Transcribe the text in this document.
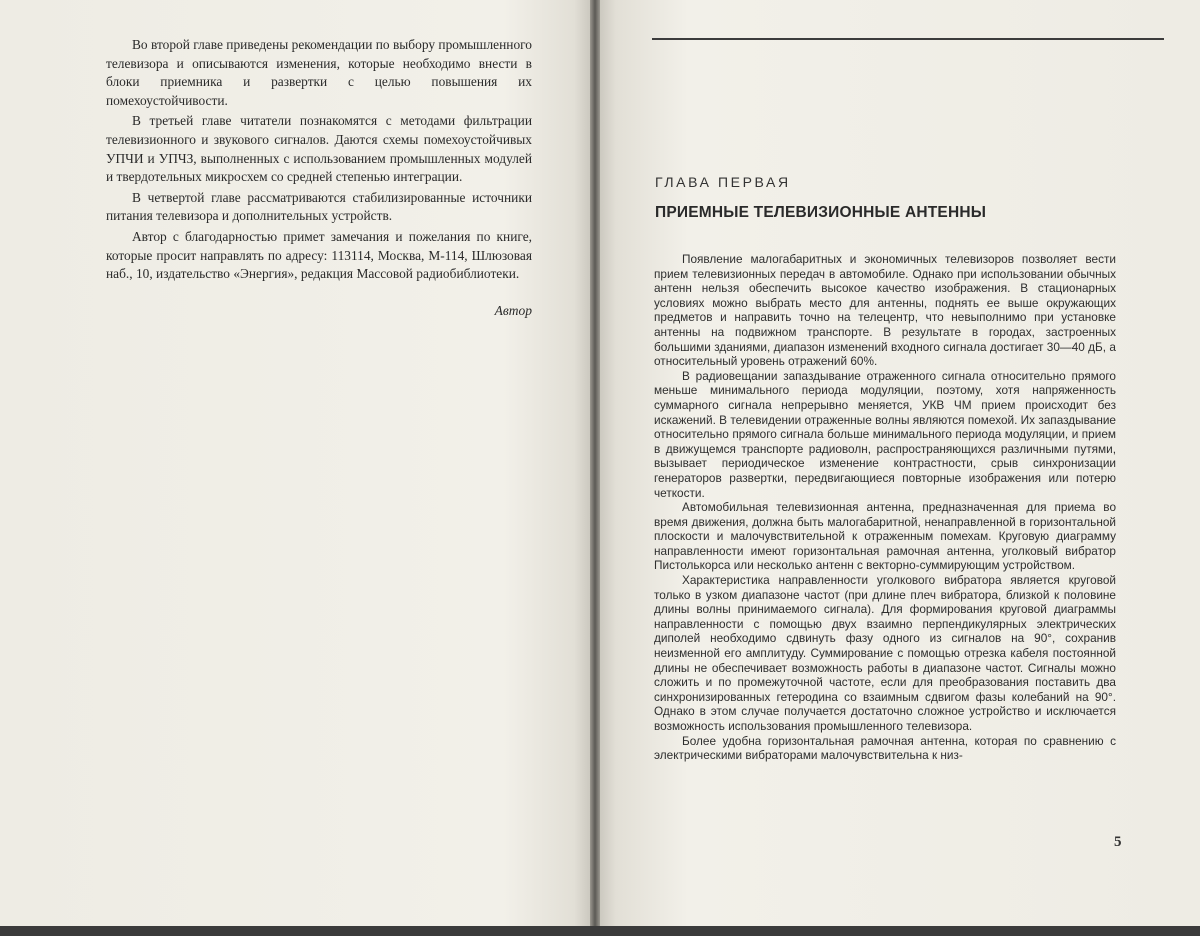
Во второй главе приведены рекомендации по выбору промышленного телевизора и описываются изменения, которые необходимо внести в блоки приемника и развертки с целью повышения их помехоустойчивости.

В третьей главе читатели познакомятся с методами фильтрации телевизионного и звукового сигналов. Даются схемы помехоустойчивых УПЧИ и УПЧЗ, выполненных с использованием промышленных модулей и твердотельных микросхем со средней степенью интеграции.

В четвертой главе рассматриваются стабилизированные источники питания телевизора и дополнительных устройств.

Автор с благодарностью примет замечания и пожелания по книге, которые просит направлять по адресу: 113114, Москва, М-114, Шлюзовая наб., 10, издательство «Энергия», редакция Массовой радиобиблиотеки.

Автор
ГЛАВА ПЕРВАЯ
ПРИЕМНЫЕ ТЕЛЕВИЗИОННЫЕ АНТЕННЫ

Появление малогабаритных и экономичных телевизоров позволяет вести прием телевизионных передач в автомобиле. Однако при использовании обычных антенн нельзя обеспечить высокое качество изображения. В стационарных условиях можно выбрать место для антенны, поднять ее выше окружающих предметов и направить точно на телецентр, что невыполнимо при установке антенны на подвижном транспорте. В результате в городах, застроенных большими зданиями, диапазон изменений входного сигнала достигает 30—40 дБ, а относительный уровень отражений 60%.

В радиовещании запаздывание отраженного сигнала относительно прямого меньше минимального периода модуляции, поэтому, хотя напряженность суммарного сигнала непрерывно меняется, УКВ ЧМ прием происходит без искажений. В телевидении отраженные волны являются помехой. Их запаздывание относительно прямого сигнала больше минимального периода модуляции, и прием в движущемся транспорте радиоволн, распространяющихся различными путями, вызывает периодическое изменение контрастности, срыв синхронизации генераторов развертки, передвигающиеся повторные изображения или потерю четкости.

Автомобильная телевизионная антенна, предназначенная для приема во время движения, должна быть малогабаритной, ненаправленной в горизонтальной плоскости и малочувствительной к отраженным помехам. Круговую диаграмму направленности имеют горизонтальная рамочная антенна, уголковый вибратор Пистолькорса или несколько антенн с векторно-суммирующим устройством.

Характеристика направленности уголкового вибратора является круговой только в узком диапазоне частот (при длине плеч вибратора, близкой к половине длины волны принимаемого сигнала). Для формирования круговой диаграммы направленности с помощью двух взаимно перпендикулярных электрических диполей необходимо сдвинуть фазу одного из сигналов на 90°, сохранив неизменной его амплитуду. Суммирование с помощью отрезка кабеля постоянной длины не обеспечивает возможность работы в диапазоне частот. Сигналы можно сложить и по промежуточной частоте, если для преобразования поставить два синхронизированных гетеродина со взаимным сдвигом фазы колебаний на 90°. Однако в этом случае получается достаточно сложное устройство и исключается возможность использования промышленного телевизора.

Более удобна горизонтальная рамочная антенна, которая по сравнению с электрическими вибраторами малочувствительна к низ-

5
